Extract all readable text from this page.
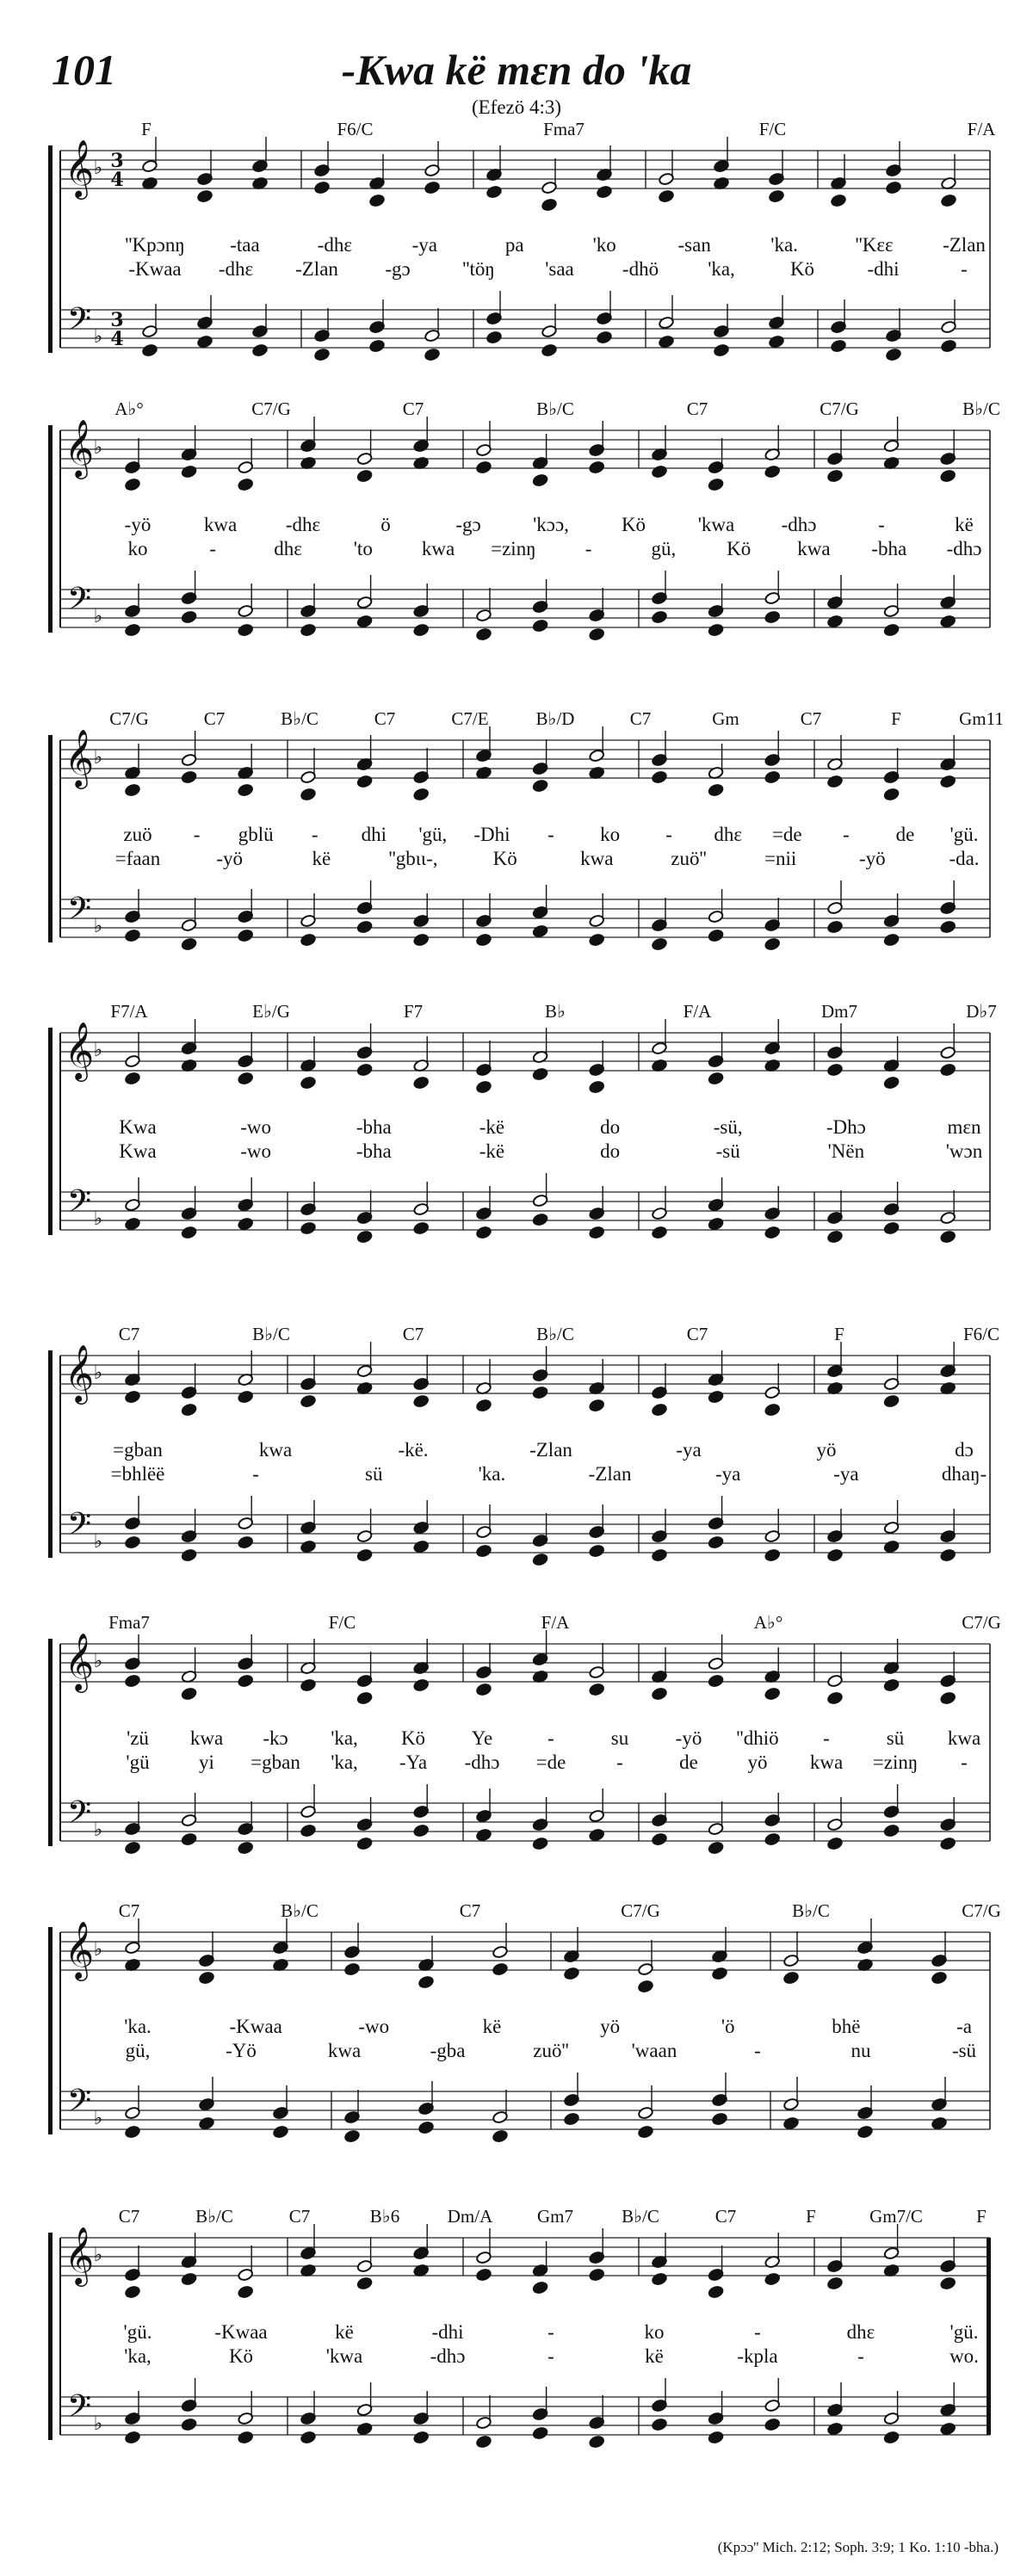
101	-Kwa kë mɛn do 'ka
(Efezö 4:3)
𝄞
𝄢
♭
♭
3
4
3
4
F	F6/C	Fma7	F/C	F/A
''Kpɔnŋ -taa	-dhɛ	-ya	pa	'ko	-san	'ka.	''Kɛɛ -Zlan
-Kwaa -dhɛ -Zlan -gɔ	''töŋ	'saa -dhö 'ka,	Kö	-dhi	-
𝄞
𝄢
♭
♭
A♭°	C7/G	C7	B♭/C	C7	C7/G	B♭/C
-yö	kwa -dhɛ	ö	-gɔ	'kɔɔ,	Kö	'kwa -dhɔ	-	kë
ko	-	dhɛ	'to kwa =zinŋ -	gü,	Kö kwa -bha -dhɔ
𝄞
𝄢
♭
♭
C7/G	C7	B♭/C	C7	C7/E	B♭/D	C7	Gm	C7	F	Gm11
zuö - gblü - dhi 'gü, -Dhi - ko - dhɛ =de - de 'gü.
=faan	-yö	kë	''gbɩɩ-,	Kö	kwa	zuö''	=nii	-yö	-da.
𝄞
𝄢
♭
♭
F7/A	E♭/G	F7	B♭	F/A	Dm7	D♭7
Kwa	-wo	-bha	-kë	do	-sü,	-Dhɔ	mɛn
Kwa	-wo	-bha	-kë	do	-sü	'Nën	'wɔn
𝄞
𝄢
♭
♭
C7	B♭/C	C7	B♭/C	C7	F	F6/C
=gban	kwa	-kë.	-Zlan	-ya	yö	dɔ
=bhlëë	-	sü	'ka.	-Zlan	-ya	-ya	dhaŋ-
𝄞
𝄢
♭
♭
Fma7	F/C	F/A	A♭°	C7/G
'zü kwa -kɔ 'ka, Kö Ye	-	su -yö ''dhiö -	sü kwa
'gü yi =gban 'ka, -Ya -dhɔ =de	-	de	yö kwa =zinŋ -
𝄞
𝄢
♭
♭
C7	B♭/C	C7	C7/G	B♭/C	C7/G
'ka.	-Kwaa	-wo	kë	yö	'ö	bhë	-a
gü,	-Yö	kwa	-gba	zuö''	'waan	-	nu	-sü
𝄞
𝄢
♭
♭
C7	B♭/C	C7	B♭6	Dm/A Gm7	B♭/C	C7	F	Gm7/C	F
'gü.	-Kwaa	kë	-dhi	-	ko	-	dhɛ	'gü.
'ka,	Kö	'kwa	-dhɔ	-	kë	-kpla	-	wo.
(Kpɔɔ'' Mich. 2:12; Soph. 3:9; 1 Ko. 1:10 -bha.)
